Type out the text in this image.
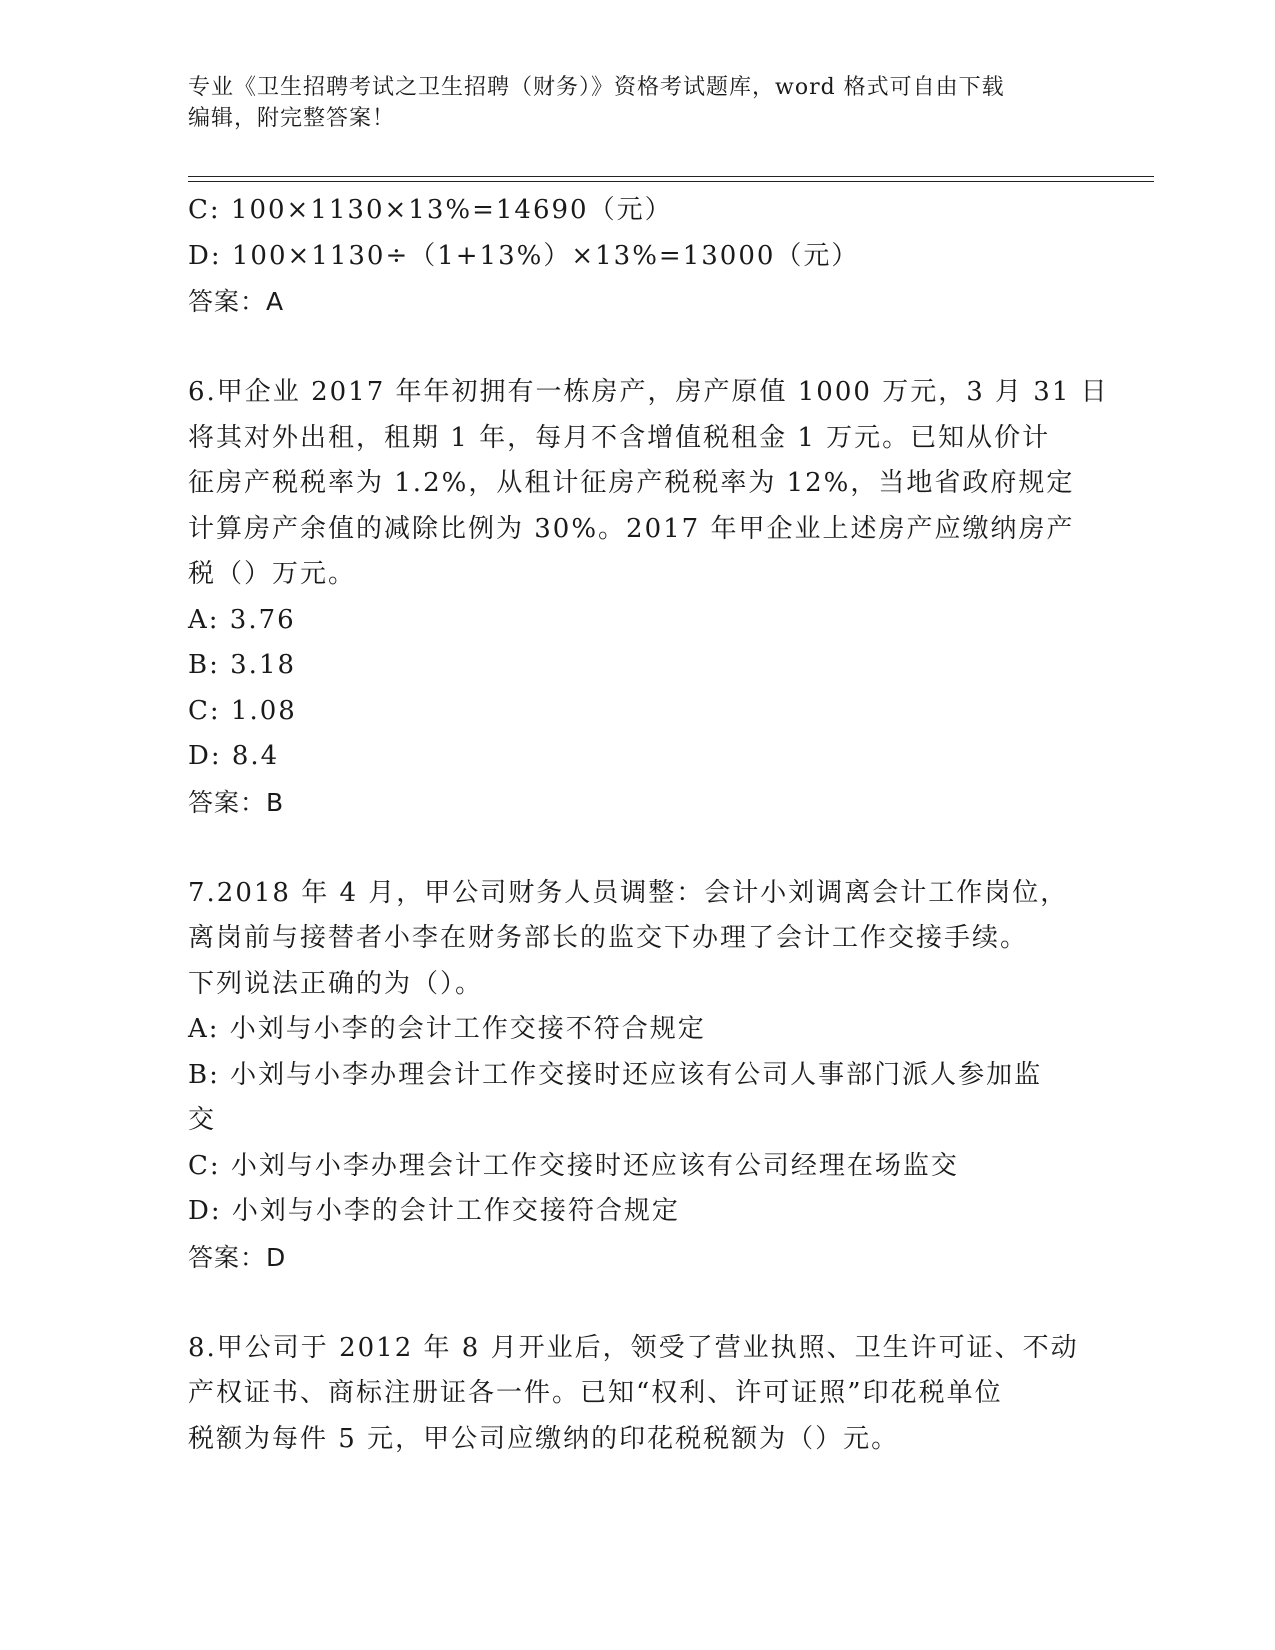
专业《卫生招聘考试之卫生招聘（财务）》资格考试题库，word 格式可自由下载
编辑，附完整答案！
C: 100×1130×13%=14690（元）
D: 100×1130÷（1+13%）×13%=13000（元）
答案：A
6.甲企业 2017 年年初拥有一栋房产，房产原值 1000 万元，3 月 31 日
将其对外出租，租期 1 年，每月不含增值税租金 1 万元。已知从价计
征房产税税率为 1.2%，从租计征房产税税率为 12%，当地省政府规定
计算房产余值的减除比例为 30%。2017 年甲企业上述房产应缴纳房产
税（）万元。
A: 3.76
B: 3.18
C: 1.08
D: 8.4
答案：B
7.2018 年 4 月，甲公司财务人员调整：会计小刘调离会计工作岗位，
离岗前与接替者小李在财务部长的监交下办理了会计工作交接手续。
下列说法正确的为（）。
A: 小刘与小李的会计工作交接不符合规定
B: 小刘与小李办理会计工作交接时还应该有公司人事部门派人参加监
交
C: 小刘与小李办理会计工作交接时还应该有公司经理在场监交
D: 小刘与小李的会计工作交接符合规定
答案：D
8.甲公司于 2012 年 8 月开业后，领受了营业执照、卫生许可证、不动
产权证书、商标注册证各一件。已知“权利、许可证照”印花税单位
税额为每件 5 元，甲公司应缴纳的印花税税额为（）元。
